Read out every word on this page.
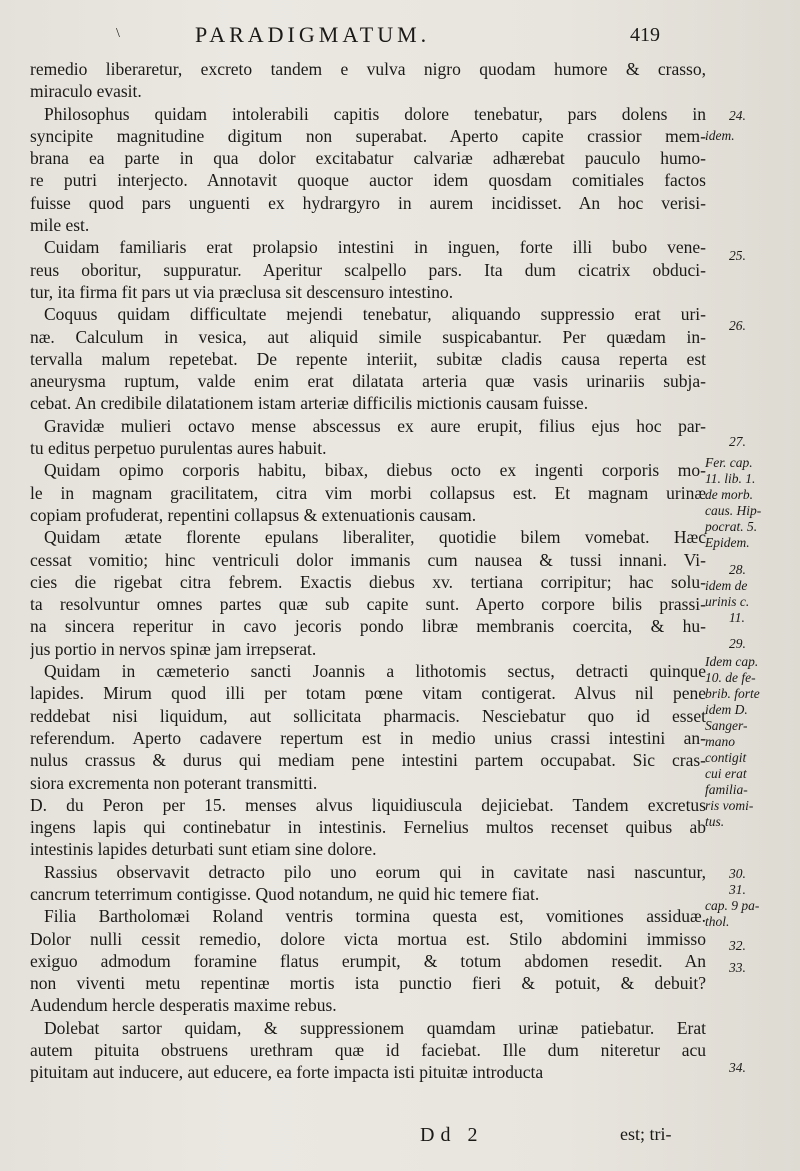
\	PARADIGMATUM.	419
remedio liberaretur, excreto tandem e vulva nigro quodam humore & crasso,
miraculo evasit.
Philosophus quidam intolerabili capitis dolore tenebatur, pars dolens in
syncipite magnitudine digitum non superabat. Aperto capite crassior mem-
brana ea parte in qua dolor excitabatur calvariæ adhærebat pauculo humo-
re putri interjecto. Annotavit quoque auctor idem quosdam comitiales factos
fuisse quod pars unguenti ex hydrargyro in aurem incidisset. An hoc verisi-
mile est.
Cuidam familiaris erat prolapsio intestini in inguen, forte illi bubo vene-
reus oboritur, suppuratur. Aperitur scalpello pars. Ita dum cicatrix obduci-
tur, ita firma fit pars ut via præclusa sit descensuro intestino.
Coquus quidam difficultate mejendi tenebatur, aliquando suppressio erat uri-
næ. Calculum in vesica, aut aliquid simile suspicabantur. Per quædam in-
tervalla malum repetebat. De repente interiit, subitæ cladis causa reperta est
aneurysma ruptum, valde enim erat dilatata arteria quæ vasis urinariis subja-
cebat. An credibile dilatationem istam arteriæ difficilis mictionis causam fuisse.
Gravidæ mulieri octavo mense abscessus ex aure erupit, filius ejus hoc par-
tu editus perpetuo purulentas aures habuit.
Quidam opimo corporis habitu, bibax, diebus octo ex ingenti corporis mo-
le in magnam gracilitatem, citra vim morbi collapsus est. Et magnam urinæ
copiam profuderat, repentini collapsus & extenuationis causam.
Quidam ætate florente epulans liberaliter, quotidie bilem vomebat. Hæc
cessat vomitio; hinc ventriculi dolor immanis cum nausea & tussi innani. Vi-
cies die rigebat citra febrem. Exactis diebus xv. tertiana corripitur; hac solu-
ta resolvuntur omnes partes quæ sub capite sunt. Aperto corpore bilis prassi-
na sincera reperitur in cavo jecoris pondo libræ membranis coercita, & hu-
jus portio in nervos spinæ jam irrepserat.
Quidam in cæmeterio sancti Joannis a lithotomis sectus, detracti quinque
lapides. Mirum quod illi per totam pœne vitam contigerat. Alvus nil pene
reddebat nisi liquidum, aut sollicitata pharmacis. Nesciebatur quo id esset
referendum. Aperto cadavere repertum est in medio unius crassi intestini an-
nulus crassus & durus qui mediam pene intestini partem occupabat. Sic cras-
siora excrementa non poterant transmitti.
D. du Peron per 15. menses alvus liquidiuscula dejiciebat. Tandem excretus
ingens lapis qui continebatur in intestinis. Fernelius multos recenset quibus ab
intestinis lapides deturbati sunt etiam sine dolore.
Rassius observavit detracto pilo uno eorum qui in cavitate nasi nascuntur,
cancrum teterrimum contigisse. Quod notandum, ne quid hic temere fiat.
Filia Bartholomæi Roland ventris tormina questa est, vomitiones assiduæ.
Dolor nulli cessit remedio, dolore victa mortua est. Stilo abdomini immisso
exiguo admodum foramine flatus erumpit, & totum abdomen resedit. An
non viventi metu repentinæ mortis ista punctio fieri & potuit, & debuit?
Audendum hercle desperatis maxime rebus.
Dolebat sartor quidam, & suppressionem quamdam urinæ patiebatur. Erat
autem pituita obstruens urethram quæ id faciebat. Ille dum niteretur acu
pituitam aut inducere, aut educere, ea forte impacta isti pituitæ introducta
24.
idem.
25.
26.
27.
Fer. cap.
11. lib. 1.
de morb.
caus. Hip-
pocrat. 5.
Epidem.
28.
idem de
urinis c.
11.
29.
Idem cap.
10. de fe-
brib. forte
idem D.
Sanger-
mano
contigit
cui erat
familia-
ris vomi-
tus.
30.
31.
cap. 9 pa-
thol.
32.
33.
34.
Dd 2	est; tri-
